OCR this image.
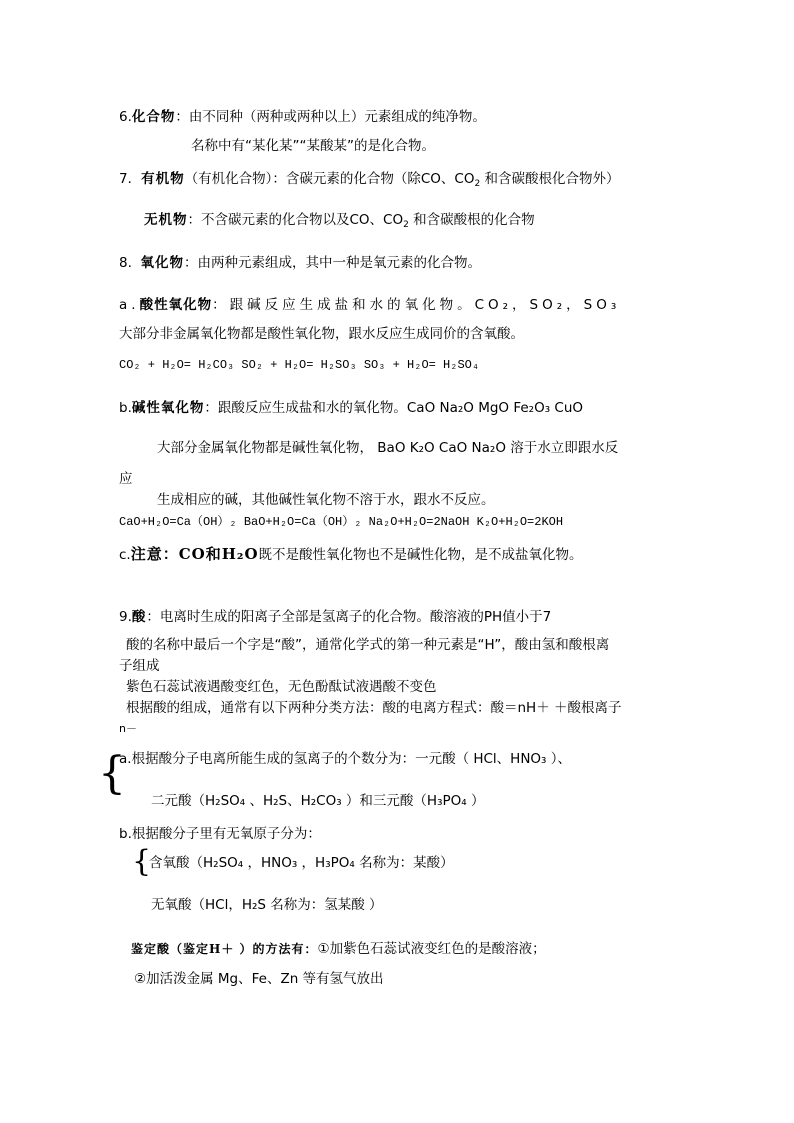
6.化合物：由不同种（两种或两种以上）元素组成的纯净物。
名称中有“某化某”“某酸某”的是化合物。
7．有机物（有机化合物）：含碳元素的化合物（除CO、$CO_2$ 和含碳酸根化合物外）
无机物：不含碳元素的化合物以及CO、$CO_2$ 和含碳酸根的化合物
8. 氧化物：由两种元素组成，其中一种是氧元素的化合物。
a.酸性氧化物：跟碱反应生成盐和水的氧化物。CO₂，SO₂，SO₃
大部分非金属氧化物都是酸性氧化物，跟水反应生成同价的含氧酸。
CO₂ + H₂O= H₂CO₃ SO₂ + H₂O= H₂SO₃ SO₃ + H₂O= H₂SO₄
b.碱性氧化物：跟酸反应生成盐和水的氧化物。CaO Na₂O MgO Fe₂O₃ CuO
大部分金属氧化物都是碱性氧化物， BaO K₂O CaO Na₂O 溶于水立即跟水反
应
生成相应的碱，其他碱性氧化物不溶于水，跟水不反应。
CaO+H₂O=Ca（OH）₂ BaO+H₂O=Ca（OH）₂ Na₂O+H₂O=2NaOH K₂O+H₂O=2KOH
c.注意：CO和H₂O既不是酸性氧化物也不是碱性化物，是不成盐氧化物。
9.酸：电离时生成的阳离子全部是氢离子的化合物。酸溶液的PH值小于7
酸的名称中最后一个字是“酸”，通常化学式的第一种元素是“H”，酸由氢和酸根离
子组成
紫色石蕊试液遇酸变红色，无色酚酞试液遇酸不变色
根据酸的组成，通常有以下两种分类方法：酸的电离方程式：酸＝nH＋ ＋酸根离子
n－
{
a.根据酸分子电离所能生成的氢离子的个数分为：一元酸（ HCl、HNO₃ ）、
二元酸（H₂SO₄ 、H₂S、H₂CO₃ ）和三元酸（H₃PO₄ ）
b.根据酸分子里有无氧原子分为：
{
含氧酸（H₂SO₄ ，HNO₃ ，H₃PO₄ 名称为：某酸）
无氧酸（HCl，H₂S 名称为：氢某酸 ）
鉴定酸（鉴定H＋ ）的方法有：①加紫色石蕊试液变红色的是酸溶液；
②加活泼金属 Mg、Fe、Zn 等有氢气放出
